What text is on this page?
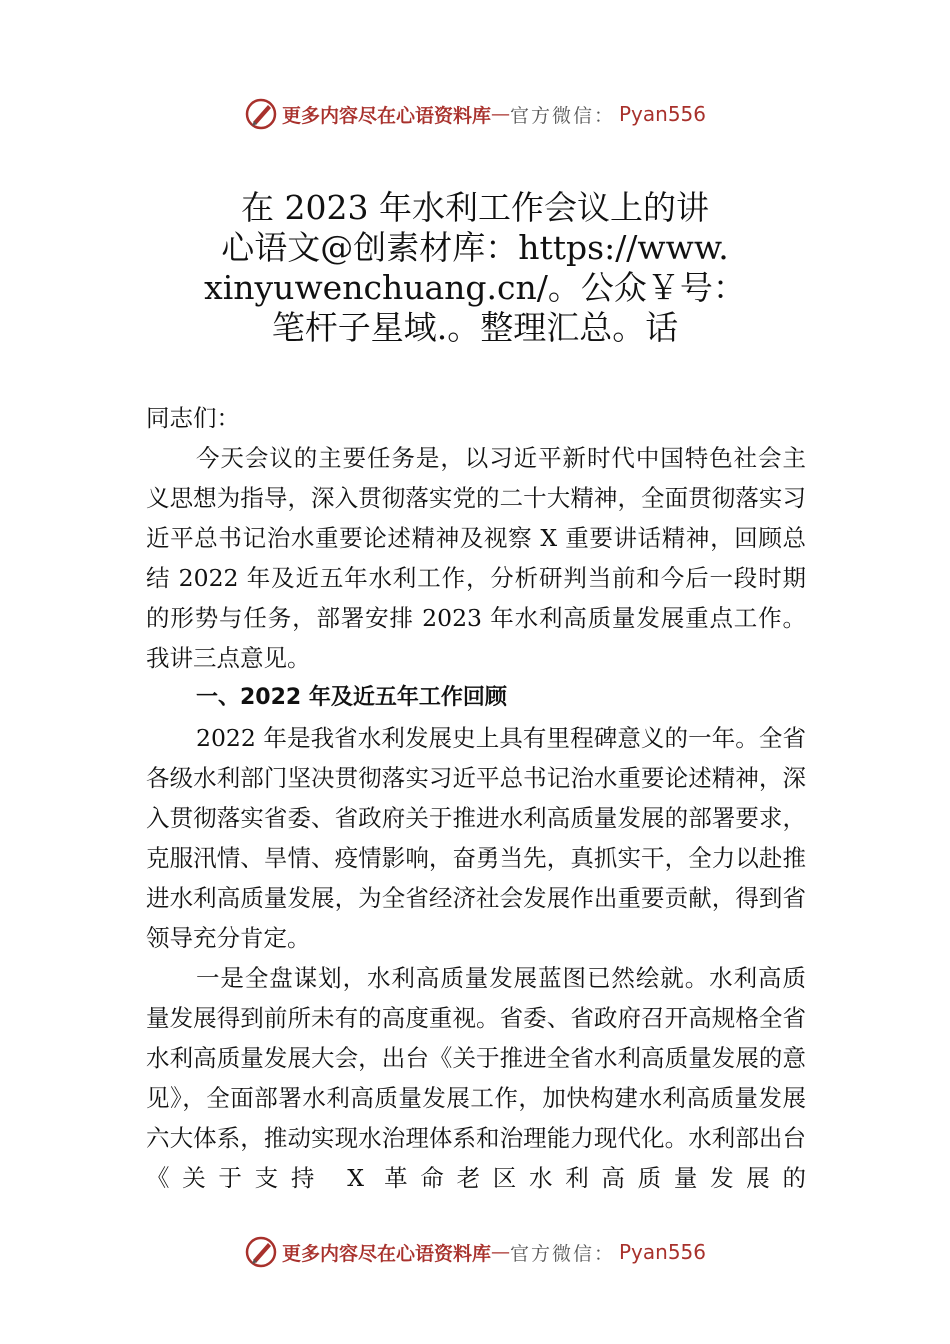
更多内容尽在心语资料库 — 官方微信： Pyan556
在 2023 年水利工作会议上的讲
心语文@创素材库：https://www.
xinyuwenchuang.cn/。公众￥号：
笔杆子星域.。整理汇总。话

同志们：

今天会议的主要任务是，以习近平新时代中国特色社会主义思想为指导，深入贯彻落实党的二十大精神，全面贯彻落实习近平总书记治水重要论述精神及视察 X 重要讲话精神，回顾总结 2022 年及近五年水利工作，分析研判当前和今后一段时期的形势与任务，部署安排 2023 年水利高质量发展重点工作。我讲三点意见。

一、2022 年及近五年工作回顾

2022 年是我省水利发展史上具有里程碑意义的一年。全省各级水利部门坚决贯彻落实习近平总书记治水重要论述精神，深入贯彻落实省委、省政府关于推进水利高质量发展的部署要求，克服汛情、旱情、疫情影响，奋勇当先，真抓实干，全力以赴推进水利高质量发展，为全省经济社会发展作出重要贡献，得到省领导充分肯定。

一是全盘谋划，水利高质量发展蓝图已然绘就。水利高质量发展得到前所未有的高度重视。省委、省政府召开高规格全省水利高质量发展大会，出台《关于推进全省水利高质量发展的意见》，全面部署水利高质量发展工作，加快构建水利高质量发展六大体系，推动实现水治理体系和治理能力现代化。水利部出台《关于支持 X 革命老区水利高质量发展的

更多内容尽在心语资料库 — 官方微信： Pyan556
